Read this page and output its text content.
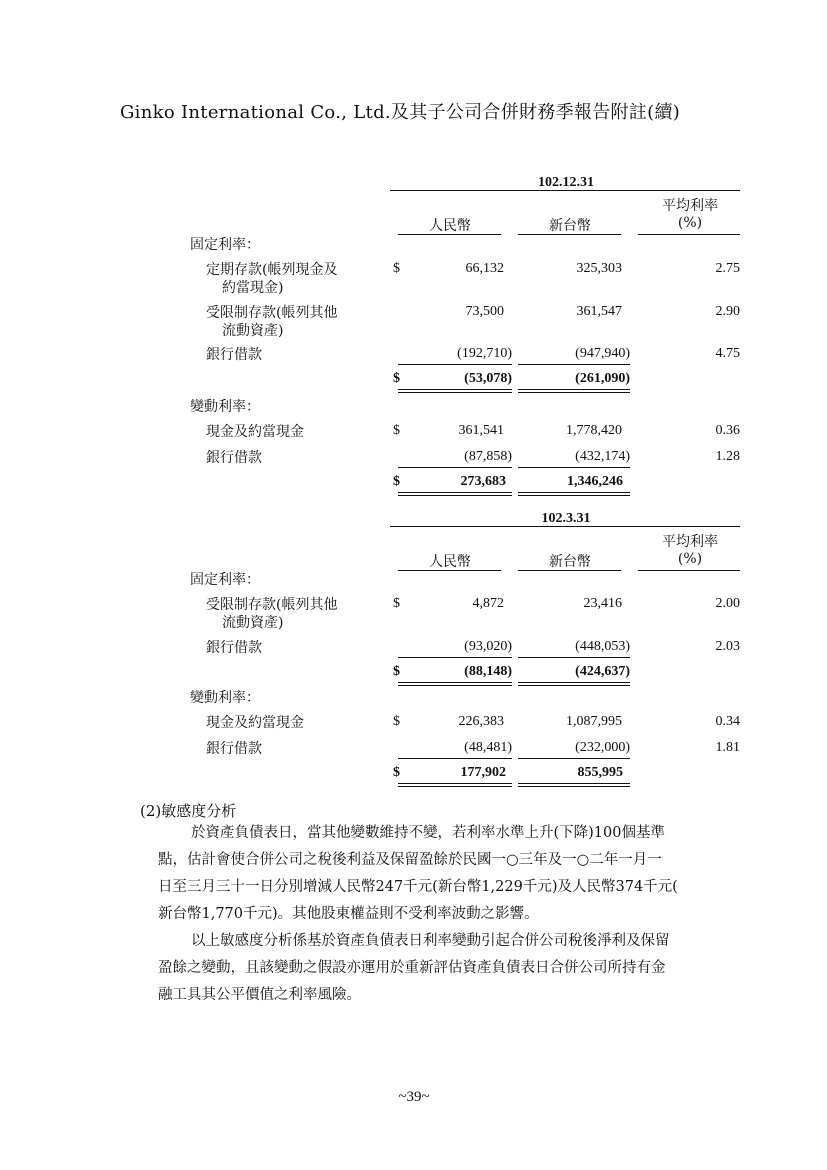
Ginko International Co., Ltd.及其子公司合併財務季報告附註(續)
102.12.31
平均利率
人民幣	新台幣	(%)
固定利率：
定期存款(帳列現金及
約當現金)
$	66,132	325,303	2.75
受限制存款(帳列其他
流動資產)
73,500	361,547	2.90
銀行借款	(192,710)	(947,940)	4.75
$	(53,078)	(261,090)
變動利率：
現金及約當現金	$	361,541	1,778,420	0.36
銀行借款	(87,858)	(432,174)	1.28
$	273,683	1,346,246
102.3.31
平均利率
人民幣	新台幣	(%)
固定利率：
受限制存款(帳列其他
流動資產)
$	4,872	23,416	2.00
銀行借款	(93,020)	(448,053)	2.03
$	(88,148)	(424,637)
變動利率：
現金及約當現金	$	226,383	1,087,995	0.34
銀行借款	(48,481)	(232,000)	1.81
$	177,902	855,995
(2)敏感度分析
於資產負債表日，當其他變數維持不變，若利率水準上升(下降)100個基準
點，估計會使合併公司之稅後利益及保留盈餘於民國一○三年及一○二年一月一
日至三月三十一日分別增減人民幣247千元(新台幣1,229千元)及人民幣374千元(
新台幣1,770千元)。其他股東權益則不受利率波動之影響。
以上敏感度分析係基於資產負債表日利率變動引起合併公司稅後淨利及保留
盈餘之變動，且該變動之假設亦運用於重新評估資產負債表日合併公司所持有金
融工具其公平價值之利率風險。
~39~
